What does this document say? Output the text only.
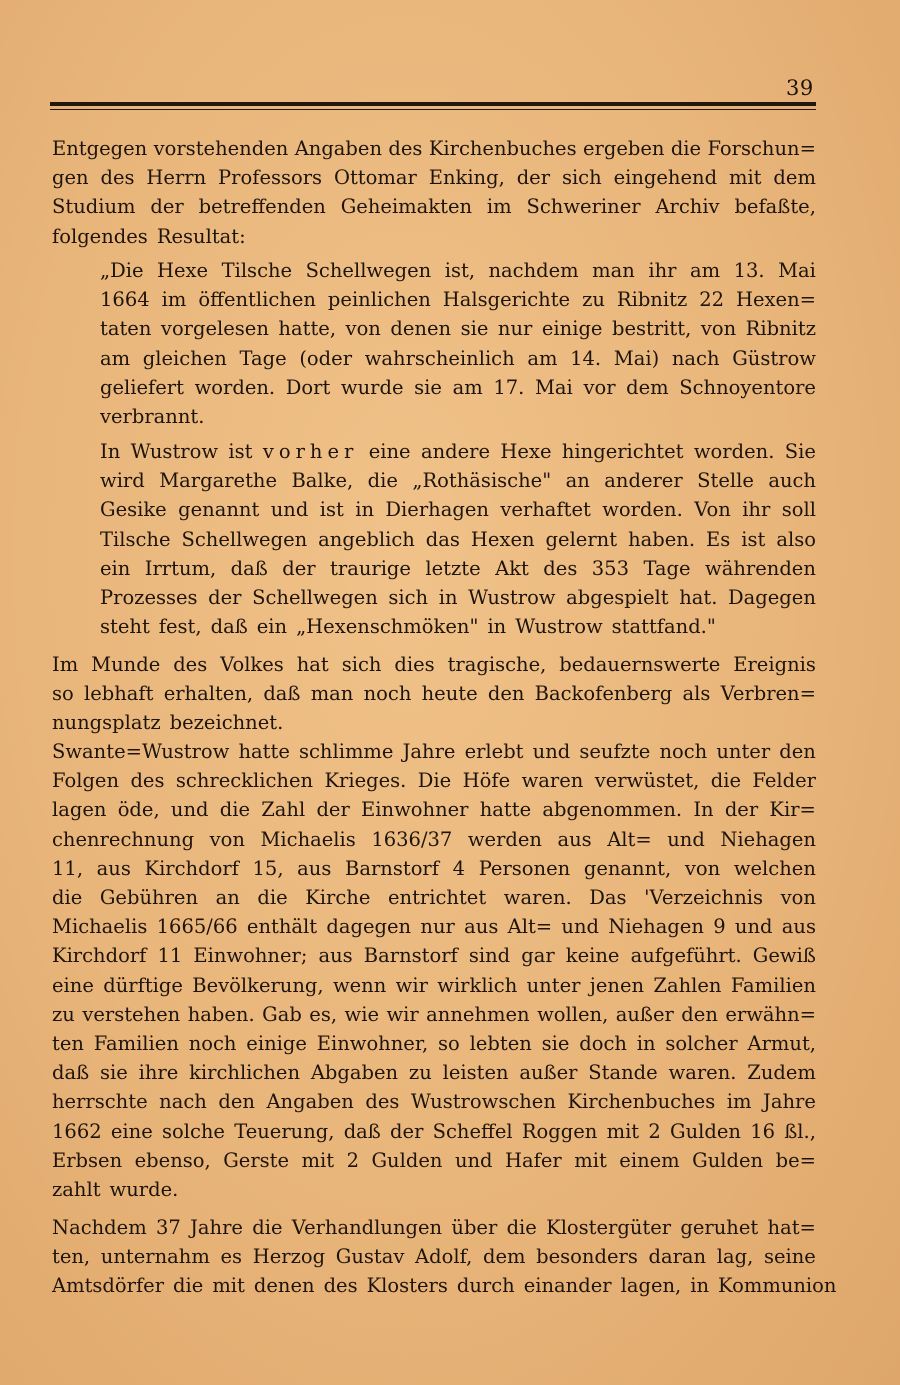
39
Entgegen vorstehenden Angaben des Kirchenbuches ergeben die Forschun=
gen des Herrn Professors Ottomar Enking, der sich eingehend mit dem
Studium der betreffenden Geheimakten im Schweriner Archiv befaßte,
folgendes Resultat:
„Die Hexe Tilsche Schellwegen ist, nachdem man ihr am 13. Mai
1664 im öffentlichen peinlichen Halsgerichte zu Ribnitz 22 Hexen=
taten vorgelesen hatte, von denen sie nur einige bestritt, von Ribnitz
am gleichen Tage (oder wahrscheinlich am 14. Mai) nach Güstrow
geliefert worden. Dort wurde sie am 17. Mai vor dem Schnoyentore
verbrannt.
In Wustrow ist vorher eine andere Hexe hingerichtet worden. Sie
wird Margarethe Balke, die „Rothäsische" an anderer Stelle auch
Gesike genannt und ist in Dierhagen verhaftet worden. Von ihr soll
Tilsche Schellwegen angeblich das Hexen gelernt haben. Es ist also
ein Irrtum, daß der traurige letzte Akt des 353 Tage währenden
Prozesses der Schellwegen sich in Wustrow abgespielt hat. Dagegen
steht fest, daß ein „Hexenschmöken" in Wustrow stattfand."
Im Munde des Volkes hat sich dies tragische, bedauernswerte Ereignis
so lebhaft erhalten, daß man noch heute den Backofenberg als Verbren=
nungsplatz bezeichnet.
Swante=Wustrow hatte schlimme Jahre erlebt und seufzte noch unter den
Folgen des schrecklichen Krieges. Die Höfe waren verwüstet, die Felder
lagen öde, und die Zahl der Einwohner hatte abgenommen. In der Kir=
chenrechnung von Michaelis 1636/37 werden aus Alt= und Niehagen
11, aus Kirchdorf 15, aus Barnstorf 4 Personen genannt, von welchen
die Gebühren an die Kirche entrichtet waren. Das 'Verzeichnis von
Michaelis 1665/66 enthält dagegen nur aus Alt= und Niehagen 9 und aus
Kirchdorf 11 Einwohner; aus Barnstorf sind gar keine aufgeführt. Gewiß
eine dürftige Bevölkerung, wenn wir wirklich unter jenen Zahlen Familien
zu verstehen haben. Gab es, wie wir annehmen wollen, außer den erwähn=
ten Familien noch einige Einwohner, so lebten sie doch in solcher Armut,
daß sie ihre kirchlichen Abgaben zu leisten außer Stande waren. Zudem
herrschte nach den Angaben des Wustrowschen Kirchenbuches im Jahre
1662 eine solche Teuerung, daß der Scheffel Roggen mit 2 Gulden 16 ßl.,
Erbsen ebenso, Gerste mit 2 Gulden und Hafer mit einem Gulden be=
zahlt wurde.
Nachdem 37 Jahre die Verhandlungen über die Klostergüter geruhet hat=
ten, unternahm es Herzog Gustav Adolf, dem besonders daran lag, seine
Amtsdörfer die mit denen des Klosters durch einander lagen, in Kommunion
